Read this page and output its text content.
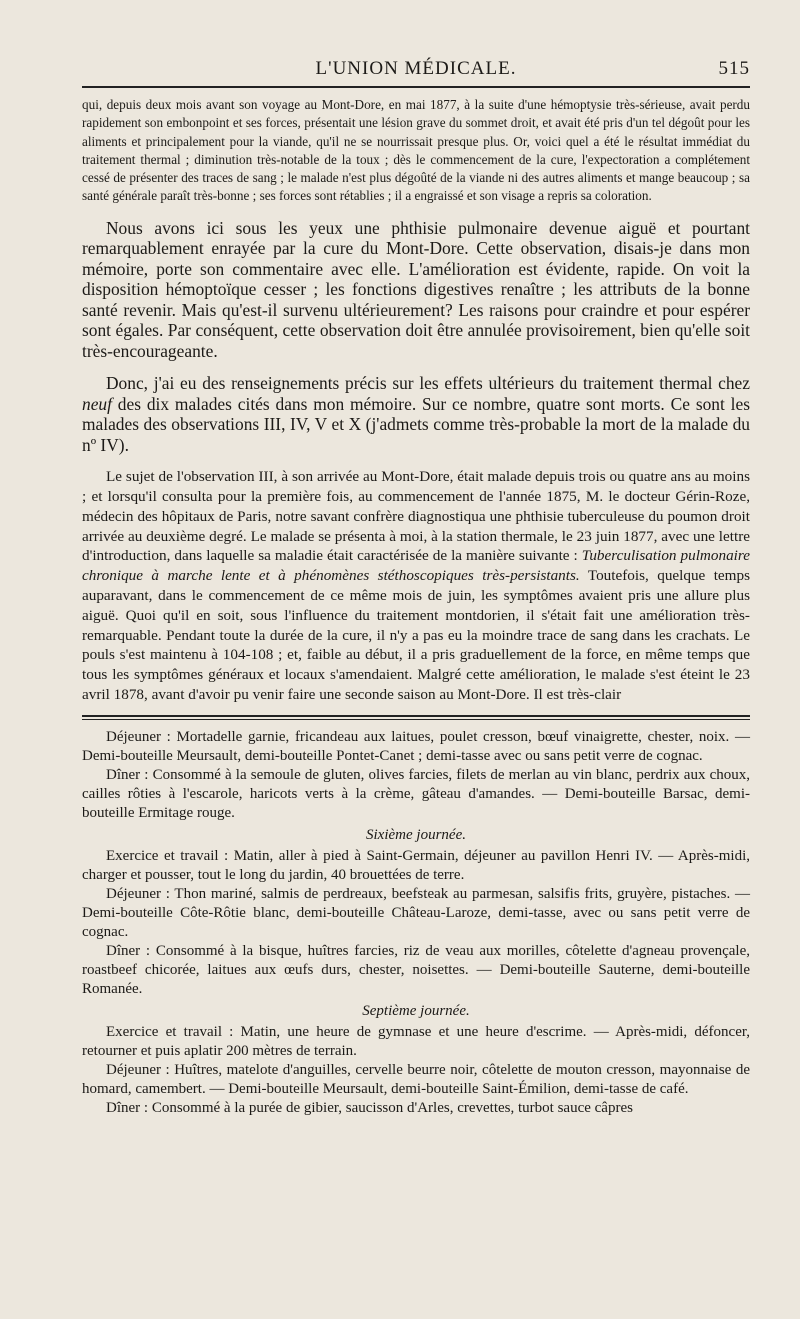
L'UNION MÉDICALE.	515

qui, depuis deux mois avant son voyage au Mont-Dore, en mai 1877, à la suite d'une hémoptysie très-sérieuse, avait perdu rapidement son embonpoint et ses forces, présentait une lésion grave du sommet droit, et avait été pris d'un tel dégoût pour les aliments et principalement pour la viande, qu'il ne se nourrissait presque plus. Or, voici quel a été le résultat immédiat du traitement thermal ; diminution très-notable de la toux ; dès le commencement de la cure, l'expectoration a complétement cessé de présenter des traces de sang ; le malade n'est plus dégoûté de la viande ni des autres aliments et mange beaucoup ; sa santé générale paraît très-bonne ; ses forces sont rétablies ; il a engraissé et son visage a repris sa coloration.

Nous avons ici sous les yeux une phthisie pulmonaire devenue aiguë et pourtant remarquablement enrayée par la cure du Mont-Dore. Cette observation, disais-je dans mon mémoire, porte son commentaire avec elle. L'amélioration est évidente, rapide. On voit la disposition hémoptoïque cesser ; les fonctions digestives renaître ; les attributs de la bonne santé revenir. Mais qu'est-il survenu ultérieurement? Les raisons pour craindre et pour espérer sont égales. Par conséquent, cette observation doit être annulée provisoirement, bien qu'elle soit très-encourageante.

Donc, j'ai eu des renseignements précis sur les effets ultérieurs du traitement thermal chez neuf des dix malades cités dans mon mémoire. Sur ce nombre, quatre sont morts. Ce sont les malades des observations III, IV, V et X (j'admets comme très-probable la mort de la malade du nº IV).

Le sujet de l'observation III, à son arrivée au Mont-Dore, était malade depuis trois ou quatre ans au moins ; et lorsqu'il consulta pour la première fois, au commencement de l'année 1875, M. le docteur Gérin-Roze, médecin des hôpitaux de Paris, notre savant confrère diagnostiqua une phthisie tuberculeuse du poumon droit arrivée au deuxième degré. Le malade se présenta à moi, à la station thermale, le 23 juin 1877, avec une lettre d'introduction, dans laquelle sa maladie était caractérisée de la manière suivante : Tuberculisation pulmonaire chronique à marche lente et à phénomènes stéthoscopiques très-persistants. Toutefois, quelque temps auparavant, dans le commencement de ce même mois de juin, les symptômes avaient pris une allure plus aiguë. Quoi qu'il en soit, sous l'influence du traitement montdorien, il s'était fait une amélioration très-remarquable. Pendant toute la durée de la cure, il n'y a pas eu la moindre trace de sang dans les crachats. Le pouls s'est maintenu à 104-108 ; et, faible au début, il a pris graduellement de la force, en même temps que tous les symptômes généraux et locaux s'amendaient. Malgré cette amélioration, le malade s'est éteint le 23 avril 1878, avant d'avoir pu venir faire une seconde saison au Mont-Dore. Il est très-clair

Déjeuner : Mortadelle garnie, fricandeau aux laitues, poulet cresson, bœuf vinaigrette, chester, noix. — Demi-bouteille Meursault, demi-bouteille Pontet-Canet ; demi-tasse avec ou sans petit verre de cognac.

Dîner : Consommé à la semoule de gluten, olives farcies, filets de merlan au vin blanc, perdrix aux choux, cailles rôties à l'escarole, haricots verts à la crème, gâteau d'amandes. — Demi-bouteille Barsac, demi-bouteille Ermitage rouge.

Sixième journée.

Exercice et travail : Matin, aller à pied à Saint-Germain, déjeuner au pavillon Henri IV. — Après-midi, charger et pousser, tout le long du jardin, 40 brouettées de terre.

Déjeuner : Thon mariné, salmis de perdreaux, beefsteak au parmesan, salsifis frits, gruyère, pistaches. — Demi-bouteille Côte-Rôtie blanc, demi-bouteille Château-Laroze, demi-tasse, avec ou sans petit verre de cognac.

Dîner : Consommé à la bisque, huîtres farcies, riz de veau aux morilles, côtelette d'agneau provençale, roastbeef chicorée, laitues aux œufs durs, chester, noisettes. — Demi-bouteille Sauterne, demi-bouteille Romanée.

Septième journée.

Exercice et travail : Matin, une heure de gymnase et une heure d'escrime. — Après-midi, défoncer, retourner et puis aplatir 200 mètres de terrain.

Déjeuner : Huîtres, matelote d'anguilles, cervelle beurre noir, côtelette de mouton cresson, mayonnaise de homard, camembert. — Demi-bouteille Meursault, demi-bouteille Saint-Émilion, demi-tasse de café.

Dîner : Consommé à la purée de gibier, saucisson d'Arles, crevettes, turbot sauce câpres
